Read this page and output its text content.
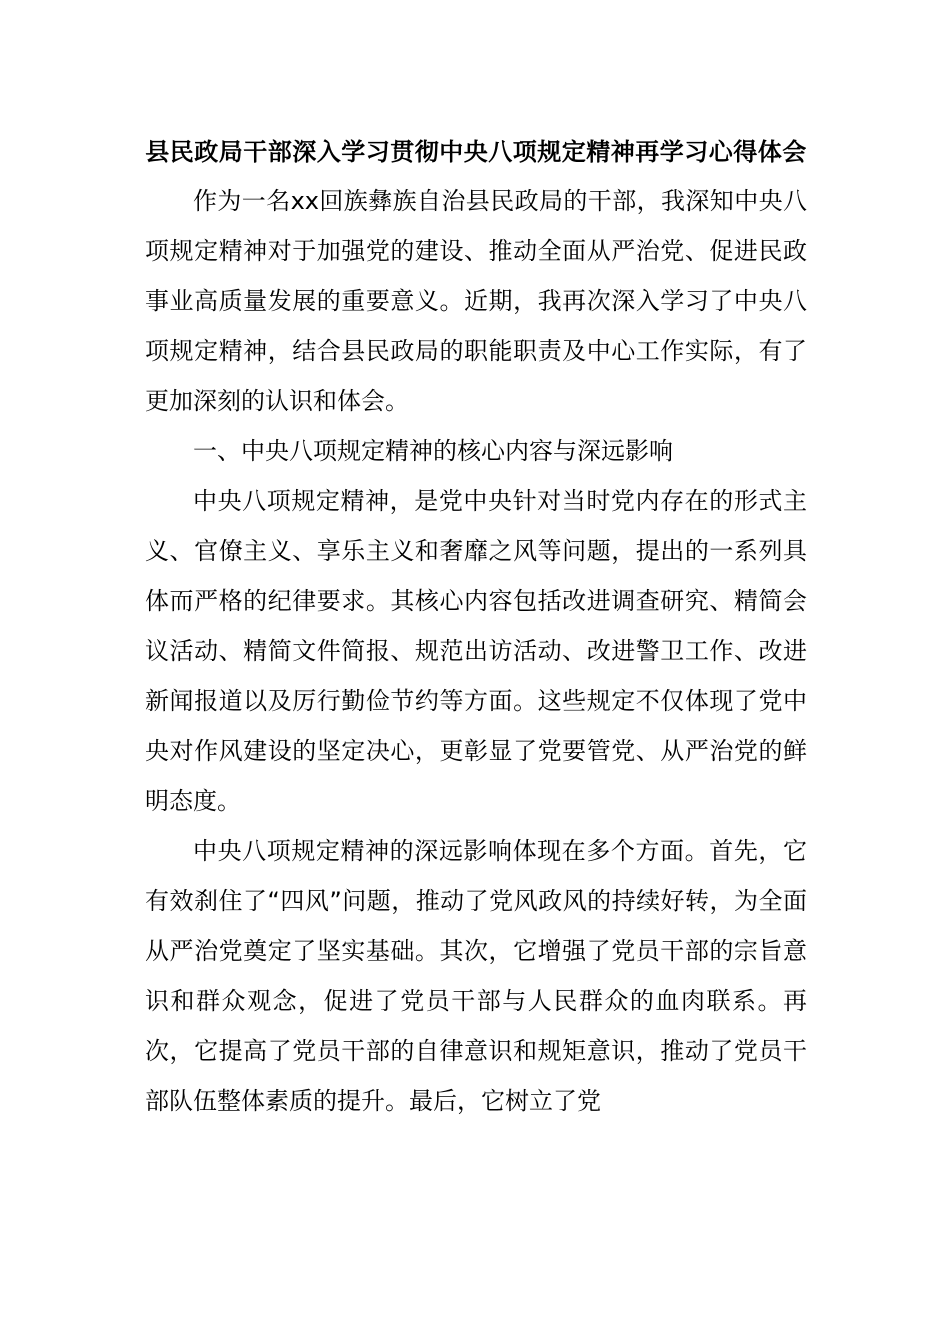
县民政局干部深入学习贯彻中央八项规定精神再学习心得体会

作为一名xx回族彝族自治县民政局的干部，我深知中央八项规定精神对于加强党的建设、推动全面从严治党、促进民政事业高质量发展的重要意义。近期，我再次深入学习了中央八项规定精神，结合县民政局的职能职责及中心工作实际，有了更加深刻的认识和体会。

一、中央八项规定精神的核心内容与深远影响

中央八项规定精神，是党中央针对当时党内存在的形式主义、官僚主义、享乐主义和奢靡之风等问题，提出的一系列具体而严格的纪律要求。其核心内容包括改进调查研究、精简会议活动、精简文件简报、规范出访活动、改进警卫工作、改进新闻报道以及厉行勤俭节约等方面。这些规定不仅体现了党中央对作风建设的坚定决心，更彰显了党要管党、从严治党的鲜明态度。

中央八项规定精神的深远影响体现在多个方面。首先，它有效刹住了“四风”问题，推动了党风政风的持续好转，为全面从严治党奠定了坚实基础。其次，它增强了党员干部的宗旨意识和群众观念，促进了党员干部与人民群众的血肉联系。再次，它提高了党员干部的自律意识和规矩意识，推动了党员干部队伍整体素质的提升。最后，它树立了党
